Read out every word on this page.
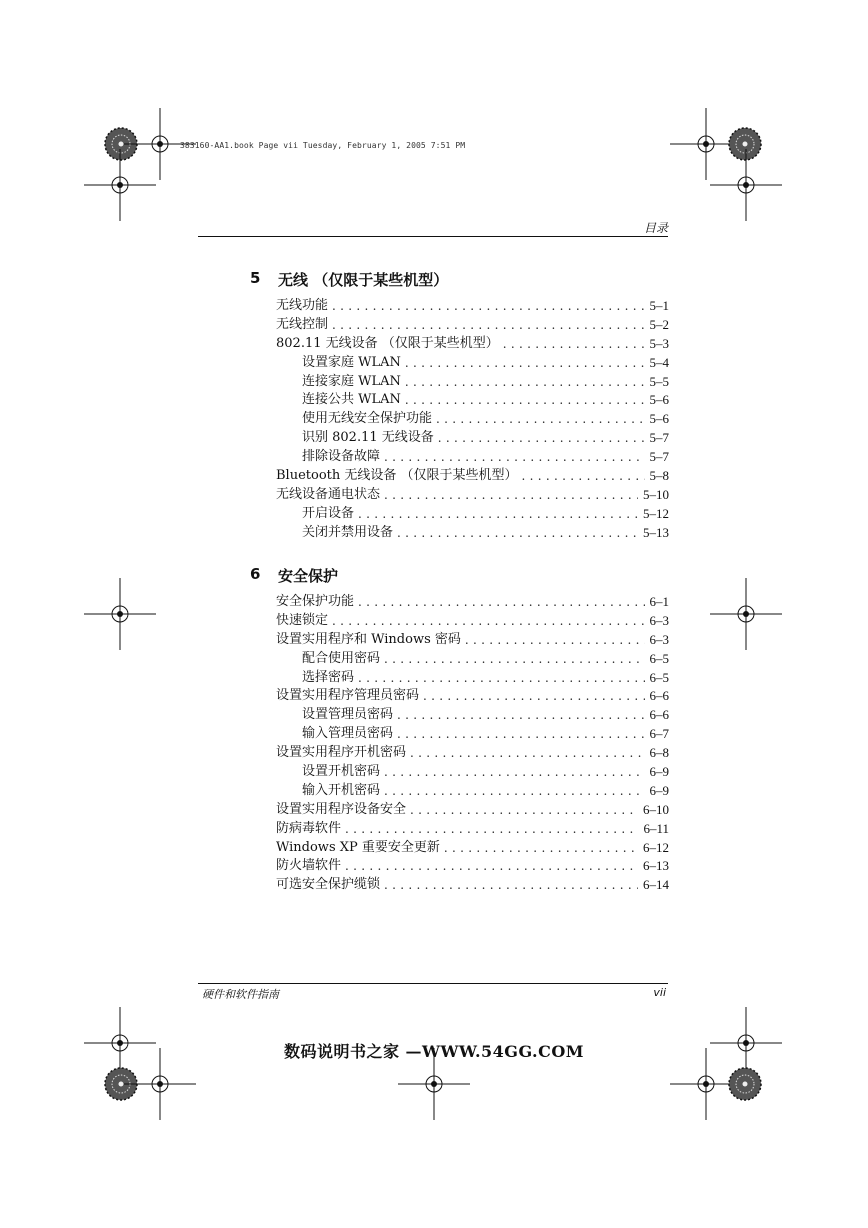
383160-AA1.book Page vii Tuesday, February 1, 2005 7:51 PM
目录
5 无线 （仅限于某些机型）
无线功能 . . .	5–1
无线控制 . . .	5–2
802.11 无线设备 （仅限于某些机型） . . .	5–3
设置家庭 WLAN . . .	5–4
连接家庭 WLAN . . .	5–5
连接公共 WLAN . . .	5–6
使用无线安全保护功能 . . .	5–6
识别 802.11 无线设备 . . .	5–7
排除设备故障 . . .	5–7
Bluetooth 无线设备 （仅限于某些机型） . . .	5–8
无线设备通电状态 . . .	5–10
开启设备 . . .	5–12
关闭并禁用设备 . . .	5–13
6 安全保护
安全保护功能 . . .	6–1
快速锁定 . . .	6–3
设置实用程序和 Windows 密码 . . .	6–3
配合使用密码 . . .	6–5
选择密码 . . .	6–5
设置实用程序管理员密码 . . .	6–6
设置管理员密码 . . .	6–6
输入管理员密码 . . .	6–7
设置实用程序开机密码 . . .	6–8
设置开机密码 . . .	6–9
输入开机密码 . . .	6–9
设置实用程序设备安全 . . .	6–10
防病毒软件 . . .	6–11
Windows XP 重要安全更新 . . .	6–12
防火墙软件 . . .	6–13
可选安全保护缆锁 . . .	6–14
硬件和软件指南	vii
数码说明书之家 —WWW.54GG.COM
